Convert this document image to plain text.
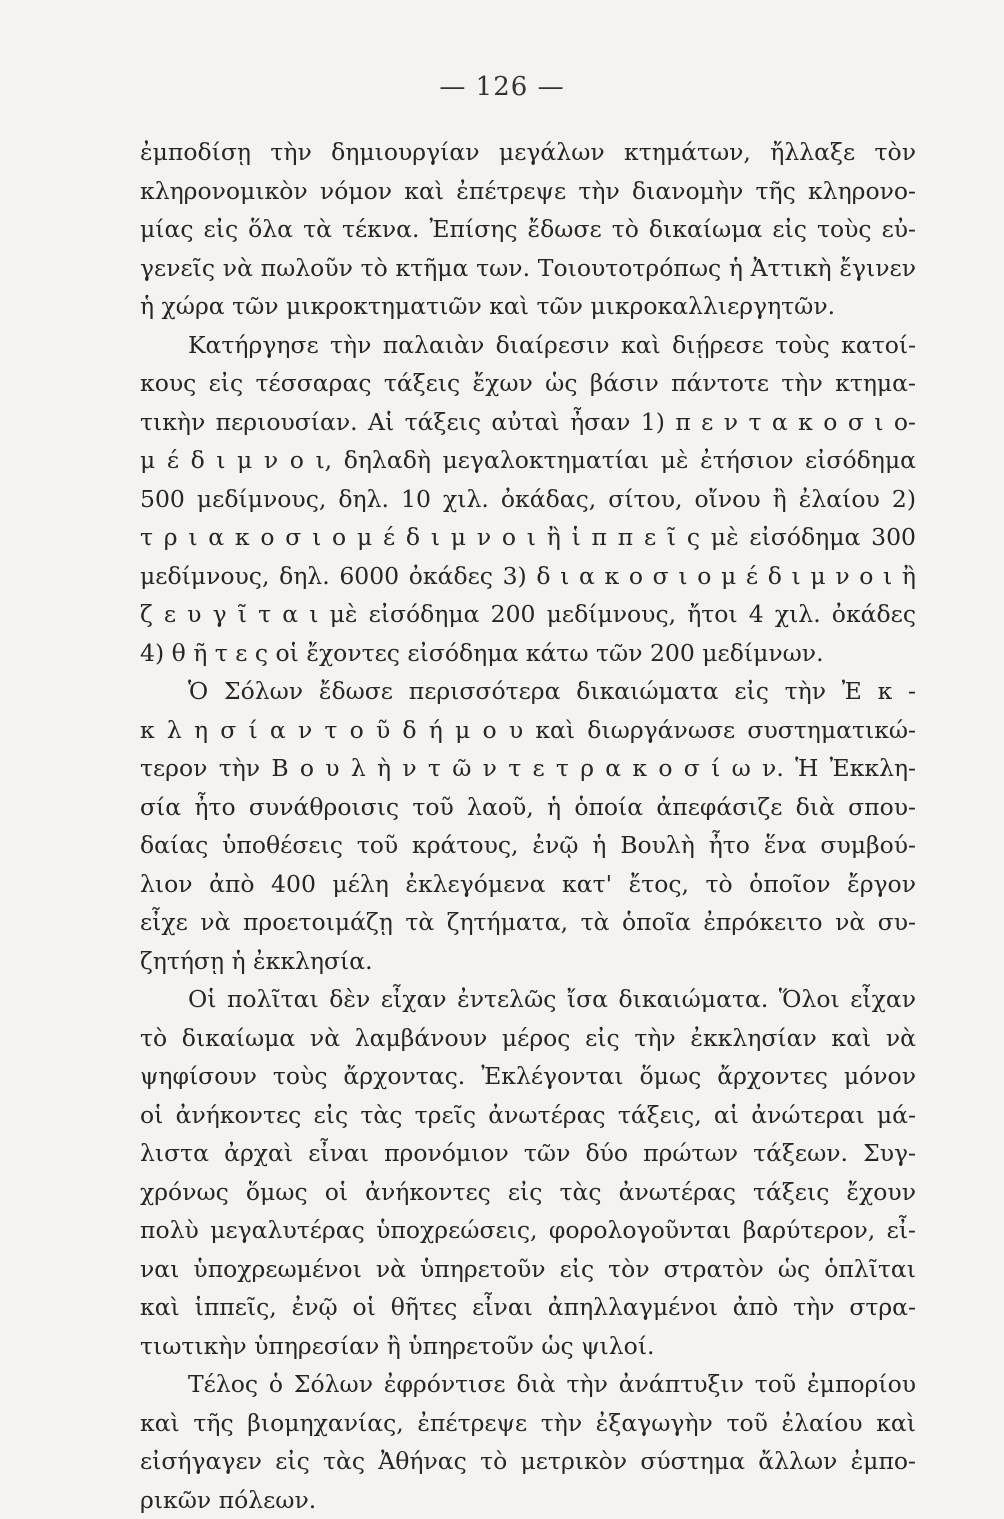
— 126 —
ἐμποδίσῃ τὴν δημιουργίαν μεγάλων κτημάτων, ἤλλαξε τὸν
κληρονομικὸν νόμον καὶ ἐπέτρεψε τὴν διανομὴν τῆς κληρονο-
μίας εἰς ὅλα τὰ τέκνα. Ἐπίσης ἔδωσε τὸ δικαίωμα εἰς τοὺς εὐ-
γενεῖς νὰ πωλοῦν τὸ κτῆμα των. Τοιουτοτρόπως ἡ Ἀττικὴ ἔγινεν
ἡ χώρα τῶν μικροκτηματιῶν καὶ τῶν μικροκαλλιεργητῶν.
Κατήργησε τὴν παλαιὰν διαίρεσιν καὶ διῄρεσε τοὺς κατοί-
κους εἰς τέσσαρας τάξεις ἔχων ὡς βάσιν πάντοτε τὴν κτημα-
τικὴν περιουσίαν. Αἱ τάξεις αὐταὶ ἦσαν 1) π ε ν τ α κ ο σ ι ο-
μ έ δ ι μ ν ο ι, δηλαδὴ μεγαλοκτηματίαι μὲ ἐτήσιον εἰσόδημα
500 μεδίμνους, δηλ. 10 χιλ. ὀκάδας, σίτου, οἴνου ἢ ἐλαίου 2)
τ ρ ι α κ ο σ ι ο μ έ δ ι μ ν ο ι ἢ ἱ π π ε ῖ ς μὲ εἰσόδημα 300
μεδίμνους, δηλ. 6000 ὀκάδες 3) δ ι α κ ο σ ι ο μ έ δ ι μ ν ο ι ἢ
ζ ε υ γ ῖ τ α ι μὲ εἰσόδημα 200 μεδίμνους, ἤτοι 4 χιλ. ὀκάδες
4) θ ῆ τ ε ς οἱ ἔχοντες εἰσόδημα κάτω τῶν 200 μεδίμνων.
Ὁ Σόλων ἔδωσε περισσότερα δικαιώματα εἰς τὴν Ἐ κ -
κ λ η σ ί α ν τ ο ῦ δ ή μ ο υ καὶ διωργάνωσε συστηματικώ-
τερον τὴν Β ο υ λ ὴ ν τ ῶ ν τ ε τ ρ α κ ο σ ί ω ν. Ἡ Ἐκκλη-
σία ἦτο συνάθροισις τοῦ λαοῦ, ἡ ὁποία ἀπεφάσιζε διὰ σπου-
δαίας ὑποθέσεις τοῦ κράτους, ἐνῷ ἡ Βουλὴ ἦτο ἕνα συμβού-
λιον ἀπὸ 400 μέλη ἐκλεγόμενα κατ' ἔτος, τὸ ὁποῖον ἔργον
εἶχε νὰ προετοιμάζῃ τὰ ζητήματα, τὰ ὁποῖα ἐπρόκειτο νὰ συ-
ζητήσῃ ἡ ἐκκλησία.
Οἱ πολῖται δὲν εἶχαν ἐντελῶς ἴσα δικαιώματα. Ὅλοι εἶχαν
τὸ δικαίωμα νὰ λαμβάνουν μέρος εἰς τὴν ἐκκλησίαν καὶ νὰ
ψηφίσουν τοὺς ἄρχοντας. Ἐκλέγονται ὅμως ἄρχοντες μόνον
οἱ ἀνήκοντες εἰς τὰς τρεῖς ἀνωτέρας τάξεις, αἱ ἀνώτεραι μά-
λιστα ἀρχαὶ εἶναι προνόμιον τῶν δύο πρώτων τάξεων. Συγ-
χρόνως ὅμως οἱ ἀνήκοντες εἰς τὰς ἀνωτέρας τάξεις ἔχουν
πολὺ μεγαλυτέρας ὑποχρεώσεις, φορολογοῦνται βαρύτερον, εἶ-
ναι ὑποχρεωμένοι νὰ ὑπηρετοῦν εἰς τὸν στρατὸν ὡς ὁπλῖται
καὶ ἱππεῖς, ἐνῷ οἱ θῆτες εἶναι ἀπηλλαγμένοι ἀπὸ τὴν στρα-
τιωτικὴν ὑπηρεσίαν ἢ ὑπηρετοῦν ὡς ψιλοί.
Τέλος ὁ Σόλων ἐφρόντισε διὰ τὴν ἀνάπτυξιν τοῦ ἐμπορίου
καὶ τῆς βιομηχανίας, ἐπέτρεψε τὴν ἐξαγωγὴν τοῦ ἐλαίου καὶ
εἰσήγαγεν εἰς τὰς Ἀθήνας τὸ μετρικὸν σύστημα ἄλλων ἐμπο-
ρικῶν πόλεων.
